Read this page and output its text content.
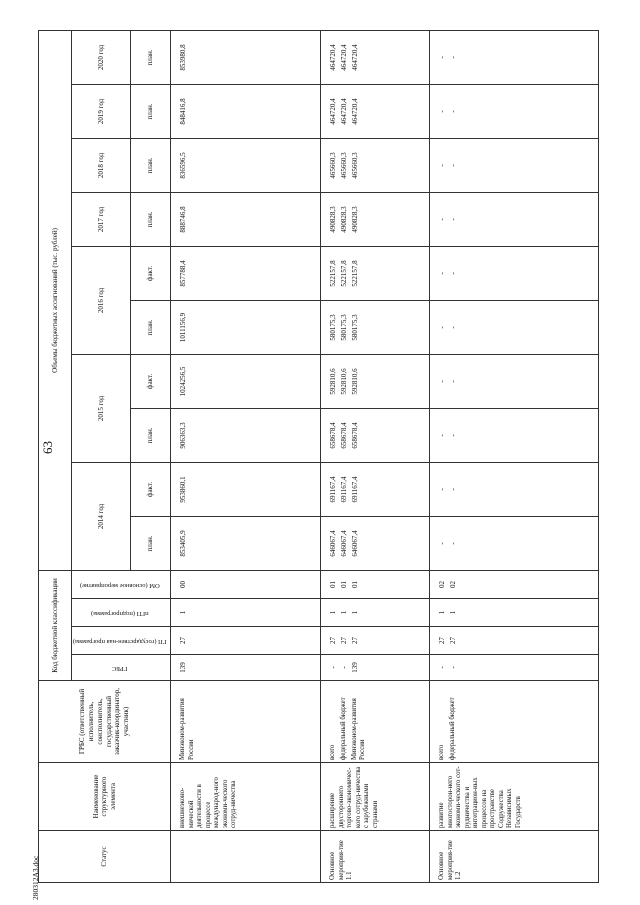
63
280312A3.doc	Статус	Наименование структурного элемента	ГРБС (ответственный исполнитель, соисполнитель, государственный заказчик-координатор, участник)	Код бюджетной классификации				Объемы бюджетных ассигнований (тыс. рублей)									
			ГРБС	ГП (государствен-ная программа)	пГП (подпрограмма)	ОМ (основное мероприятие)	2014 год		2015 год		2016 год		2017 год	2018 год	2019 год	2020 год
							план.	факт.	план.	факт.	план.	факт.	план.	план.	план.	план.
	внешнеэконо-мической деятельности в процессе международ-ного экономи-ческого сотруд-ничества	Минэконом-развития России	139	27	1	00	853405,9	953860,1	906363,3	1024256,5	1011156,9	857788,4	888746,8	836596,5	848416,8	853980,8
Основное мероприя-тие 1.1	расширение двустороннего торгово-экономичес-кого сотруд-ничества с зарубежными странами	всего	-	27	1	01	646067,4	691167,4	658678,4	592810,6	580175,3	522157,8	490828,3	465660,3	464720,4	464720,4
		федеральный бюджет	-	27	1	01	646067,4	691167,4	658678,4	592810,6	580175,3	522157,8	490828,3	465660,3	464720,4	464720,4
		Минэконом-развития России	139	27	1	01	646067,4	691167,4	658678,4	592810,6	580175,3	522157,8	490828,3	465660,3	464720,4	464720,4
Основное мероприя-тие 1.2	развитие многосторон-него экономи-ческого сот-рудничества и интеграцион-ных процессов на пространстве Содружества Независимых Государств	всего	-	27	1	02	-	-	-	-	-	-	-	-	-	-
		федеральный бюджет	-	27	1	02	-	-	-	-	-	-	-	-	-	-
